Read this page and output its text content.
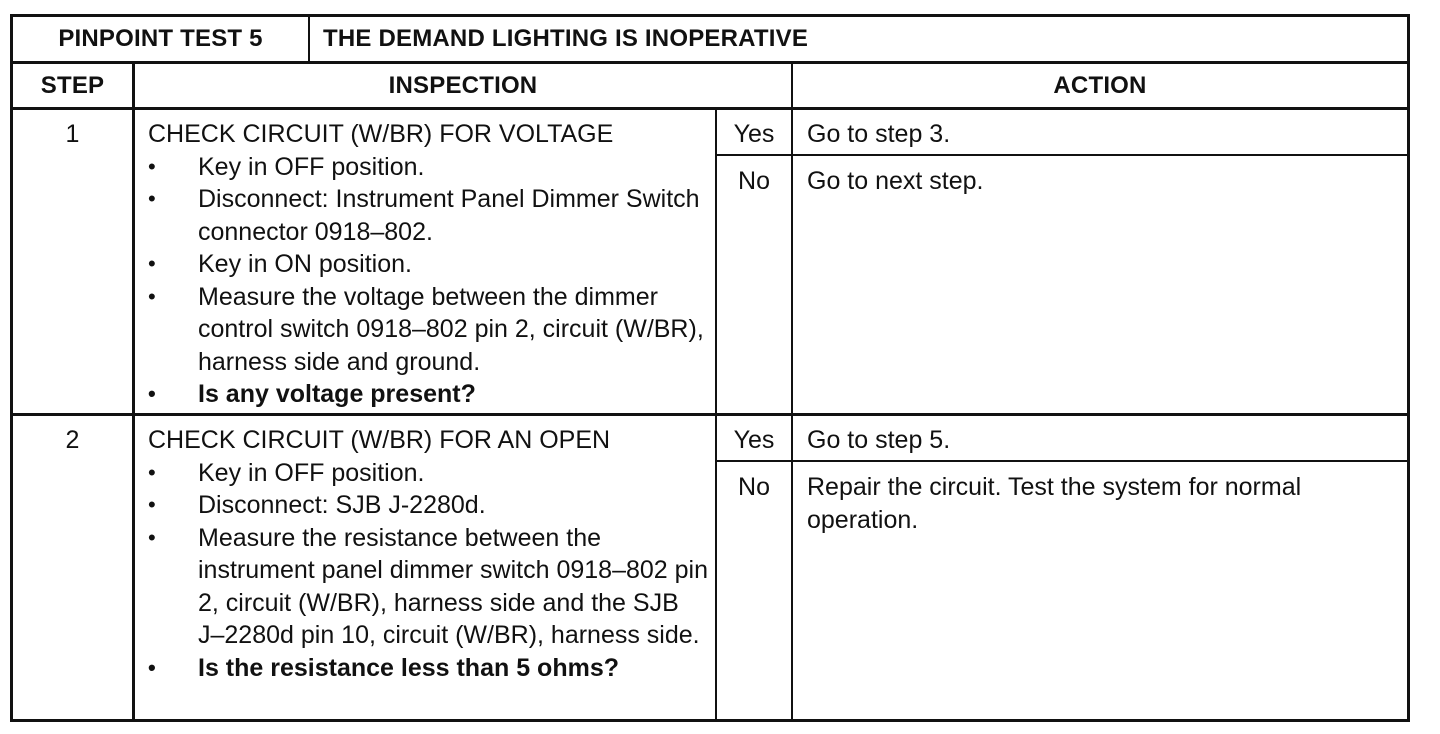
PINPOINT TEST 5	THE DEMAND LIGHTING IS INOPERATIVE
STEP	INSPECTION	ACTION
1	CHECK CIRCUIT (W/BR) FOR VOLTAGE
• Key in OFF position.
• Disconnect: Instrument Panel Dimmer Switch connector 0918–802.
• Key in ON position.
• Measure the voltage between the dimmer control switch 0918–802 pin 2, circuit (W/BR), harness side and ground.
• Is any voltage present?
Yes	Go to step 3.
No	Go to next step.
2	CHECK CIRCUIT (W/BR) FOR AN OPEN
• Key in OFF position.
• Disconnect: SJB J-2280d.
• Measure the resistance between the instrument panel dimmer switch 0918–802 pin 2, circuit (W/BR), harness side and the SJB J–2280d pin 10, circuit (W/BR), harness side.
• Is the resistance less than 5 ohms?
Yes	Go to step 5.
No	Repair the circuit. Test the system for normal operation.
